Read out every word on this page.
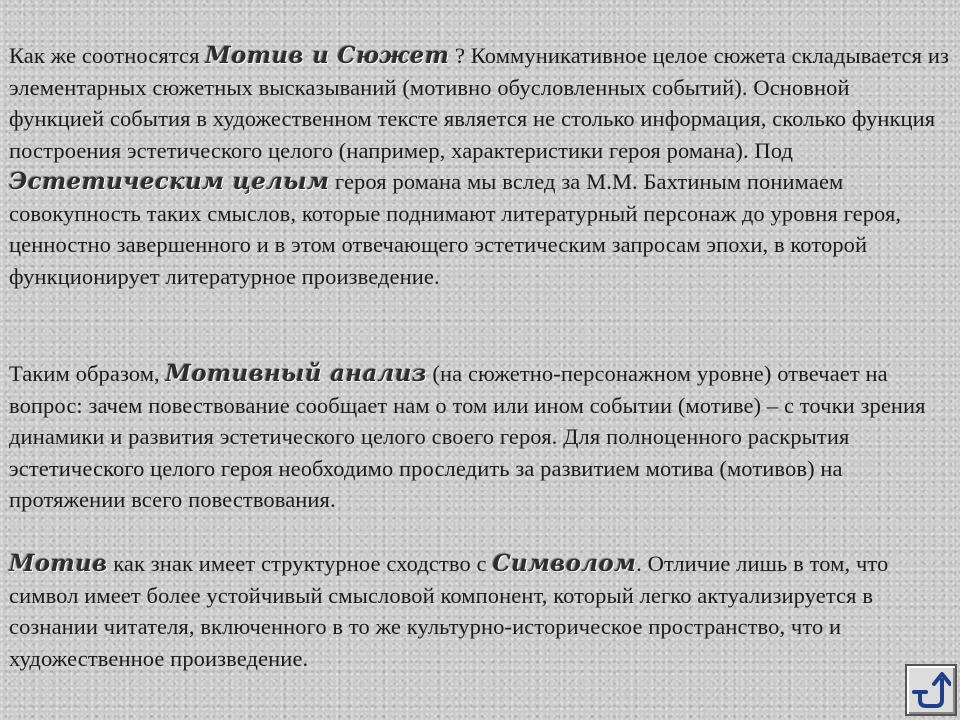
Как же соотносятся Мотив и Сюжет ? Коммуникативное целое сюжета складывается из элементарных сюжетных высказываний (мотивно обусловленных событий). Основной функцией события в художественном тексте является не столько информация, сколько функция построения эстетического целого (например, характеристики героя романа). Под Эстетическим целым героя романа мы вслед за М.М. Бахтиным понимаем совокупность таких смыслов, которые поднимают литературный персонаж до уровня героя, ценностно завершенного и в этом отвечающего эстетическим запросам эпохи, в которой функционирует литературное произведение.
Таким образом, Мотивный анализ (на сюжетно-персонажном уровне) отвечает на вопрос: зачем повествование сообщает нам о том или ином событии (мотиве) – с точки зрения динамики и развития эстетического целого своего героя. Для полноценного раскрытия эстетического целого героя необходимо проследить за развитием мотива (мотивов) на протяжении всего повествования.
Мотив как знак имеет структурное сходство с Символом. Отличие лишь в том, что символ имеет более устойчивый смысловой компонент, который легко актуализируется в сознании читателя, включенного в то же культурно-историческое пространство, что и художественное произведение.
